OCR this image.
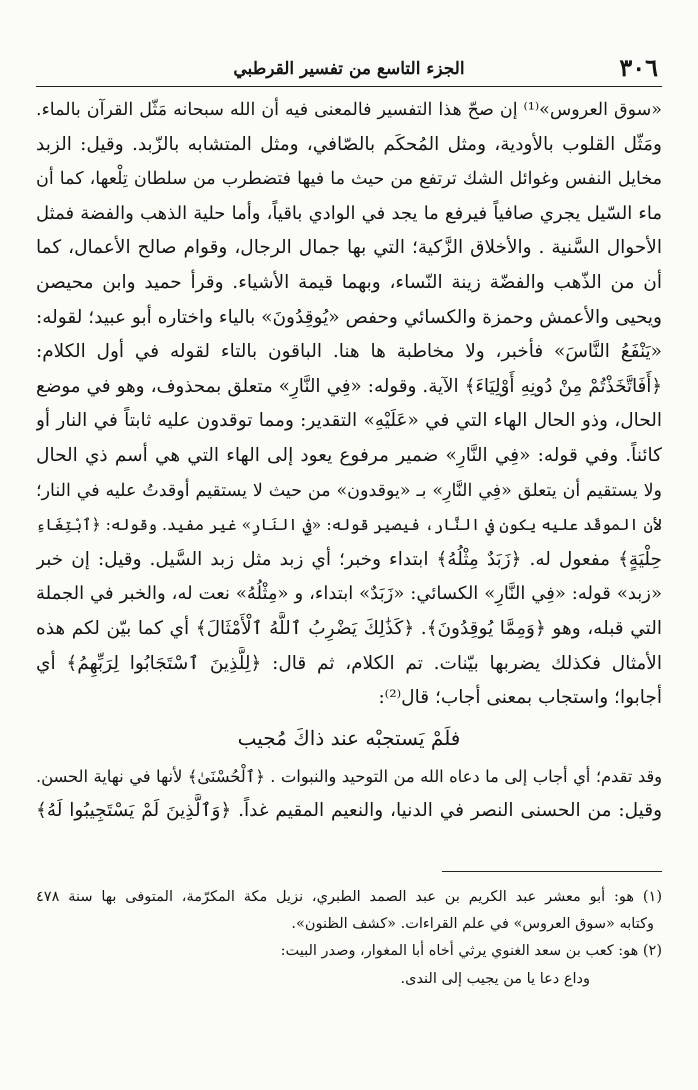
٣٠٦
الجزء التاسع من تفسير القرطبي
«سوق العروس»⁽¹⁾ إن صحّ هذا التفسير فالمعنى فيه أن الله سبحانه مَثّل القرآن بالماء.
ومَثّل القلوب بالأودية، ومثل المُحكَم بالصّافي، ومثل المتشابه بالزّبد. وقيل: الزبد
مخايل النفس وغوائل الشك ترتفع من حيث ما فيها فتضطرب من سلطان تِلْعها، كما أن
ماء السّيل يجري صافياً فيرفع ما يجد في الوادي باقياً، وأما حلية الذهب والفضة فمثل
الأحوال السَّنية . والأخلاق الزَّكية؛ التي بها جمال الرجال، وقوام صالح الأعمال، كما
أن من الذّهب والفضّة زينة النّساء، وبهما قيمة الأشياء. وقرأ حميد وابن محيصن
ويحيى والأعمش وحمزة والكسائي وحفص «يُوقِدُونَ» بالياء واختاره أبو عبيد؛ لقوله:
«يَنْفَعُ النَّاسَ» فأخبر، ولا مخاطبة ها هنا. الباقون بالتاء لقوله في أول الكلام:
﴿أَفَاتَّخَذْتُمْ مِنْ دُونِهِ أَوْلِيَاءَ﴾ الآية. وقوله: «فِي النَّارِ» متعلق بمحذوف، وهو في موضع
الحال، وذو الحال الهاء التي في «عَلَيْهِ» التقدير: ومما توقدون عليه ثابتاً في النار أو
كائناً. وفي قوله: «فِي النَّارِ» ضمير مرفوع يعود إلى الهاء التي هي أسم ذي الحال
ولا يستقيم أن يتعلق «فِي النَّارِ» بـ «يوقدون» من حيث لا يستقيم أوقدتُ عليه في النار؛
لأن الموقَد عليه يكون في النَّار، فيصير قوله: «فِي النَارِ» غير مفيد. وقوله: ﴿ٱبْتِغَاءِ
حِلْيَةٍ﴾ مفعول له. ﴿زَبَدٌ مِثْلُهُ﴾ ابتداء وخبر؛ أي زبد مثل زبد السَّيل. وقيل: إن خبر
«زبد» قوله: «فِي النَّارِ» الكسائي: «زَبَدٌ» ابتداء، و «مِثْلُهُ» نعت له، والخبر في الجملة
التي قبله، وهو ﴿وَمِمَّا يُوقِدُونَ﴾. ﴿كَذَٰلِكَ يَضْرِبُ ٱللَّهُ ٱلْأَمْثَالَ﴾ أي كما بيّن لكم هذه
الأمثال فكذلك يضربها بيّنات. تم الكلام، ثم قال: ﴿لِلَّذِينَ ٱسْتَجَابُوا لِرَبِّهِمُ﴾ أي
أجابوا؛ واستجاب بمعنى أجاب؛ قال⁽²⁾:
فلَمْ يَستجبْه عند ذاكَ مُجيب
وقد تقدم؛ أي أجاب إلى ما دعاه الله من التوحيد والنبوات . ﴿ٱلْحُسْنَىٰ﴾ لأنها في نهاية الحسن.
وقيل: من الحسنى النصر في الدنيا، والنعيم المقيم غداً. ﴿وَٱلَّذِينَ لَمْ يَسْتَجِيبُوا لَهُ﴾
(١) هو: أبو معشر عبد الكريم بن عبد الصمد الطبري، نزيل مكة المكرّمة، المتوفى بها سنة ٤٧٨
وكتابه «سوق العروس» في علم القراءات. «كشف الظنون».
(٢) هو: كعب بن سعد الغنوي يرثي أخاه أبا المغوار، وصدر البيت:
وداع دعا يا من يجيب إلى الندى.
